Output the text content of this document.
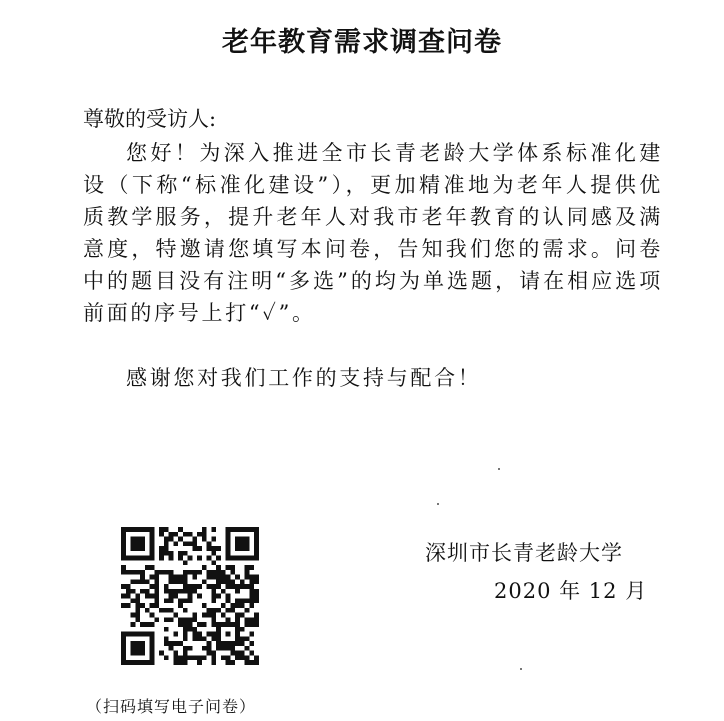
老年教育需求调查问卷
尊敬的受访人:
您好！为深入推进全市长青老龄大学体系标准化建设（下称“标准化建设”），更加精准地为老年人提供优质教学服务，提升老年人对我市老年教育的认同感及满意度，特邀请您填写本问卷，告知我们您的需求。问卷中的题目没有注明“多选”的均为单选题，请在相应选项前面的序号上打“✓”。
感谢您对我们工作的支持与配合！
深圳市长青老龄大学
2020 年 12 月
（扫码填写电子问卷）
